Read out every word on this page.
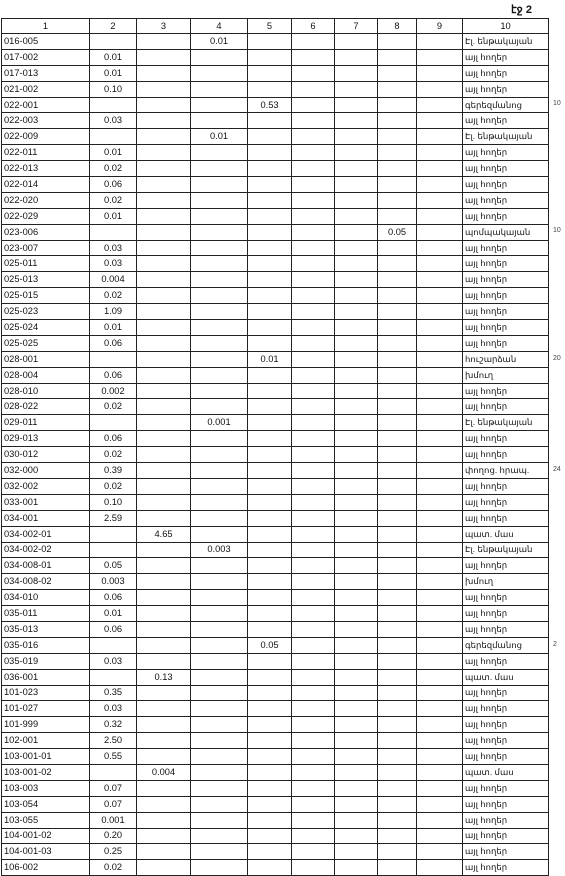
էջ 2
1	2	3	4	5	6	7	8	9	10
016-005			0.01						Էլ. ենթակայան
017-002	0.01								այլ հողեր
017-013	0.01								այլ հողեր
021-002	0.10								այլ հողեր
022-001				0.53					գերեզմանոց
022-003	0.03								այլ հողեր
022-009			0.01						Էլ. ենթակայան
022-011	0.01								այլ հողեր
022-013	0.02								այլ հողեր
022-014	0.06								այլ հողեր
022-020	0.02								այլ հողեր
022-029	0.01								այլ հողեր
023-006							0.05		պոմպակայան
023-007	0.03								այլ հողեր
025-011	0.03								այլ հողեր
025-013	0.004								այլ հողեր
025-015	0.02								այլ հողեր
025-023	1.09								այլ հողեր
025-024	0.01								այլ հողեր
025-025	0.06								այլ հողեր
028-001				0.01					հուշարձան
028-004	0.06								խմուղ
028-010	0.002								այլ հողեր
028-022	0.02								այլ հողեր
029-011			0.001						Էլ. ենթակայան
029-013	0.06								այլ հողեր
030-012	0.02								այլ հողեր
032-000	0.39								փողոց. հրապ.
032-002	0.02								այլ հողեր
033-001	0.10								այլ հողեր
034-001	2.59								այլ հողեր
034-002-01		4.65							պատ. մաս
034-002-02			0.003						Էլ. ենթակայան
034-008-01	0.05								այլ հողեր
034-008-02	0.003								խմուղ
034-010	0.06								այլ հողեր
035-011	0.01								այլ հողեր
035-013	0.06								այլ հողեր
035-016				0.05					գերեզմանոց
035-019	0.03								այլ հողեր
036-001		0.13							պատ. մաս
101-023	0.35								այլ հողեր
101-027	0.03								այլ հողեր
101-999	0.32								այլ հողեր
102-001	2.50								այլ հողեր
103-001-01	0.55								այլ հողեր
103-001-02		0.004							պատ. մաս
103-003	0.07								այլ հողեր
103-054	0.07								այլ հողեր
103-055	0.001								այլ հողեր
104-001-02	0.20								այլ հողեր
104-001-03	0.25								այլ հողեր
106-002	0.02								այլ հողեր
10
10
20
24
2
